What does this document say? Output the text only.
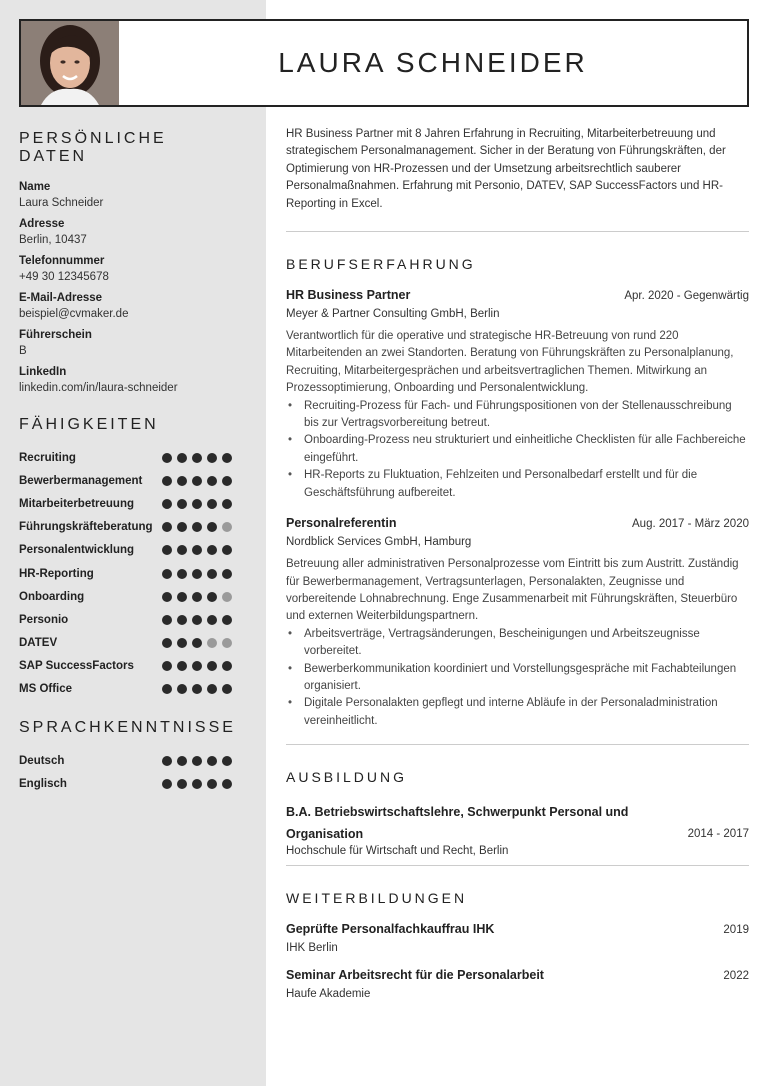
LAURA SCHNEIDER
PERSÖNLICHE DATEN
Name
Laura Schneider
Adresse
Berlin, 10437
Telefonnummer
+49 30 12345678
E-Mail-Adresse
beispiel@cvmaker.de
Führerschein
B
LinkedIn
linkedin.com/in/laura-schneider
FÄHIGKEITEN
Recruiting
Bewerbermanagement
Mitarbeiterbetreuung
Führungskräfteberatung
Personalentwicklung
HR-Reporting
Onboarding
Personio
DATEV
SAP SuccessFactors
MS Office
SPRACHKENNTNISSE
Deutsch
Englisch

HR Business Partner mit 8 Jahren Erfahrung in Recruiting, Mitarbeiterbetreuung und strategischem Personalmanagement. Sicher in der Beratung von Führungskräften, der Optimierung von HR-Prozessen und der Umsetzung arbeitsrechtlich sauberer Personalmaßnahmen. Erfahrung mit Personio, DATEV, SAP SuccessFactors und HR-Reporting in Excel.

BERUFSERFAHRUNG
HR Business Partner	Apr. 2020 - Gegenwärtig
Meyer & Partner Consulting GmbH, Berlin
Verantwortlich für die operative und strategische HR-Betreuung von rund 220 Mitarbeitenden an zwei Standorten. Beratung von Führungskräften zu Personalplanung, Recruiting, Mitarbeitergesprächen und arbeitsvertraglichen Themen. Mitwirkung an Prozessoptimierung, Onboarding und Personalentwicklung.
• Recruiting-Prozess für Fach- und Führungspositionen von der Stellenausschreibung bis zur Vertragsvorbereitung betreut.
• Onboarding-Prozess neu strukturiert und einheitliche Checklisten für alle Fachbereiche eingeführt.
• HR-Reports zu Fluktuation, Fehlzeiten und Personalbedarf erstellt und für die Geschäftsführung aufbereitet.
Personalreferentin	Aug. 2017 - März 2020
Nordblick Services GmbH, Hamburg
Betreuung aller administrativen Personalprozesse vom Eintritt bis zum Austritt. Zuständig für Bewerbermanagement, Vertragsunterlagen, Personalakten, Zeugnisse und vorbereitende Lohnabrechnung. Enge Zusammenarbeit mit Führungskräften, Steuerbüro und externen Weiterbildungspartnern.
• Arbeitsverträge, Vertragsänderungen, Bescheinigungen und Arbeitszeugnisse vorbereitet.
• Bewerberkommunikation koordiniert und Vorstellungsgespräche mit Fachabteilungen organisiert.
• Digitale Personalakten gepflegt und interne Abläufe in der Personaladministration vereinheitlicht.
AUSBILDUNG
B.A. Betriebswirtschaftslehre, Schwerpunkt Personal und Organisation	2014 - 2017
Hochschule für Wirtschaft und Recht, Berlin
WEITERBILDUNGEN
Geprüfte Personalfachkauffrau IHK	2019
IHK Berlin
Seminar Arbeitsrecht für die Personalarbeit	2022
Haufe Akademie
